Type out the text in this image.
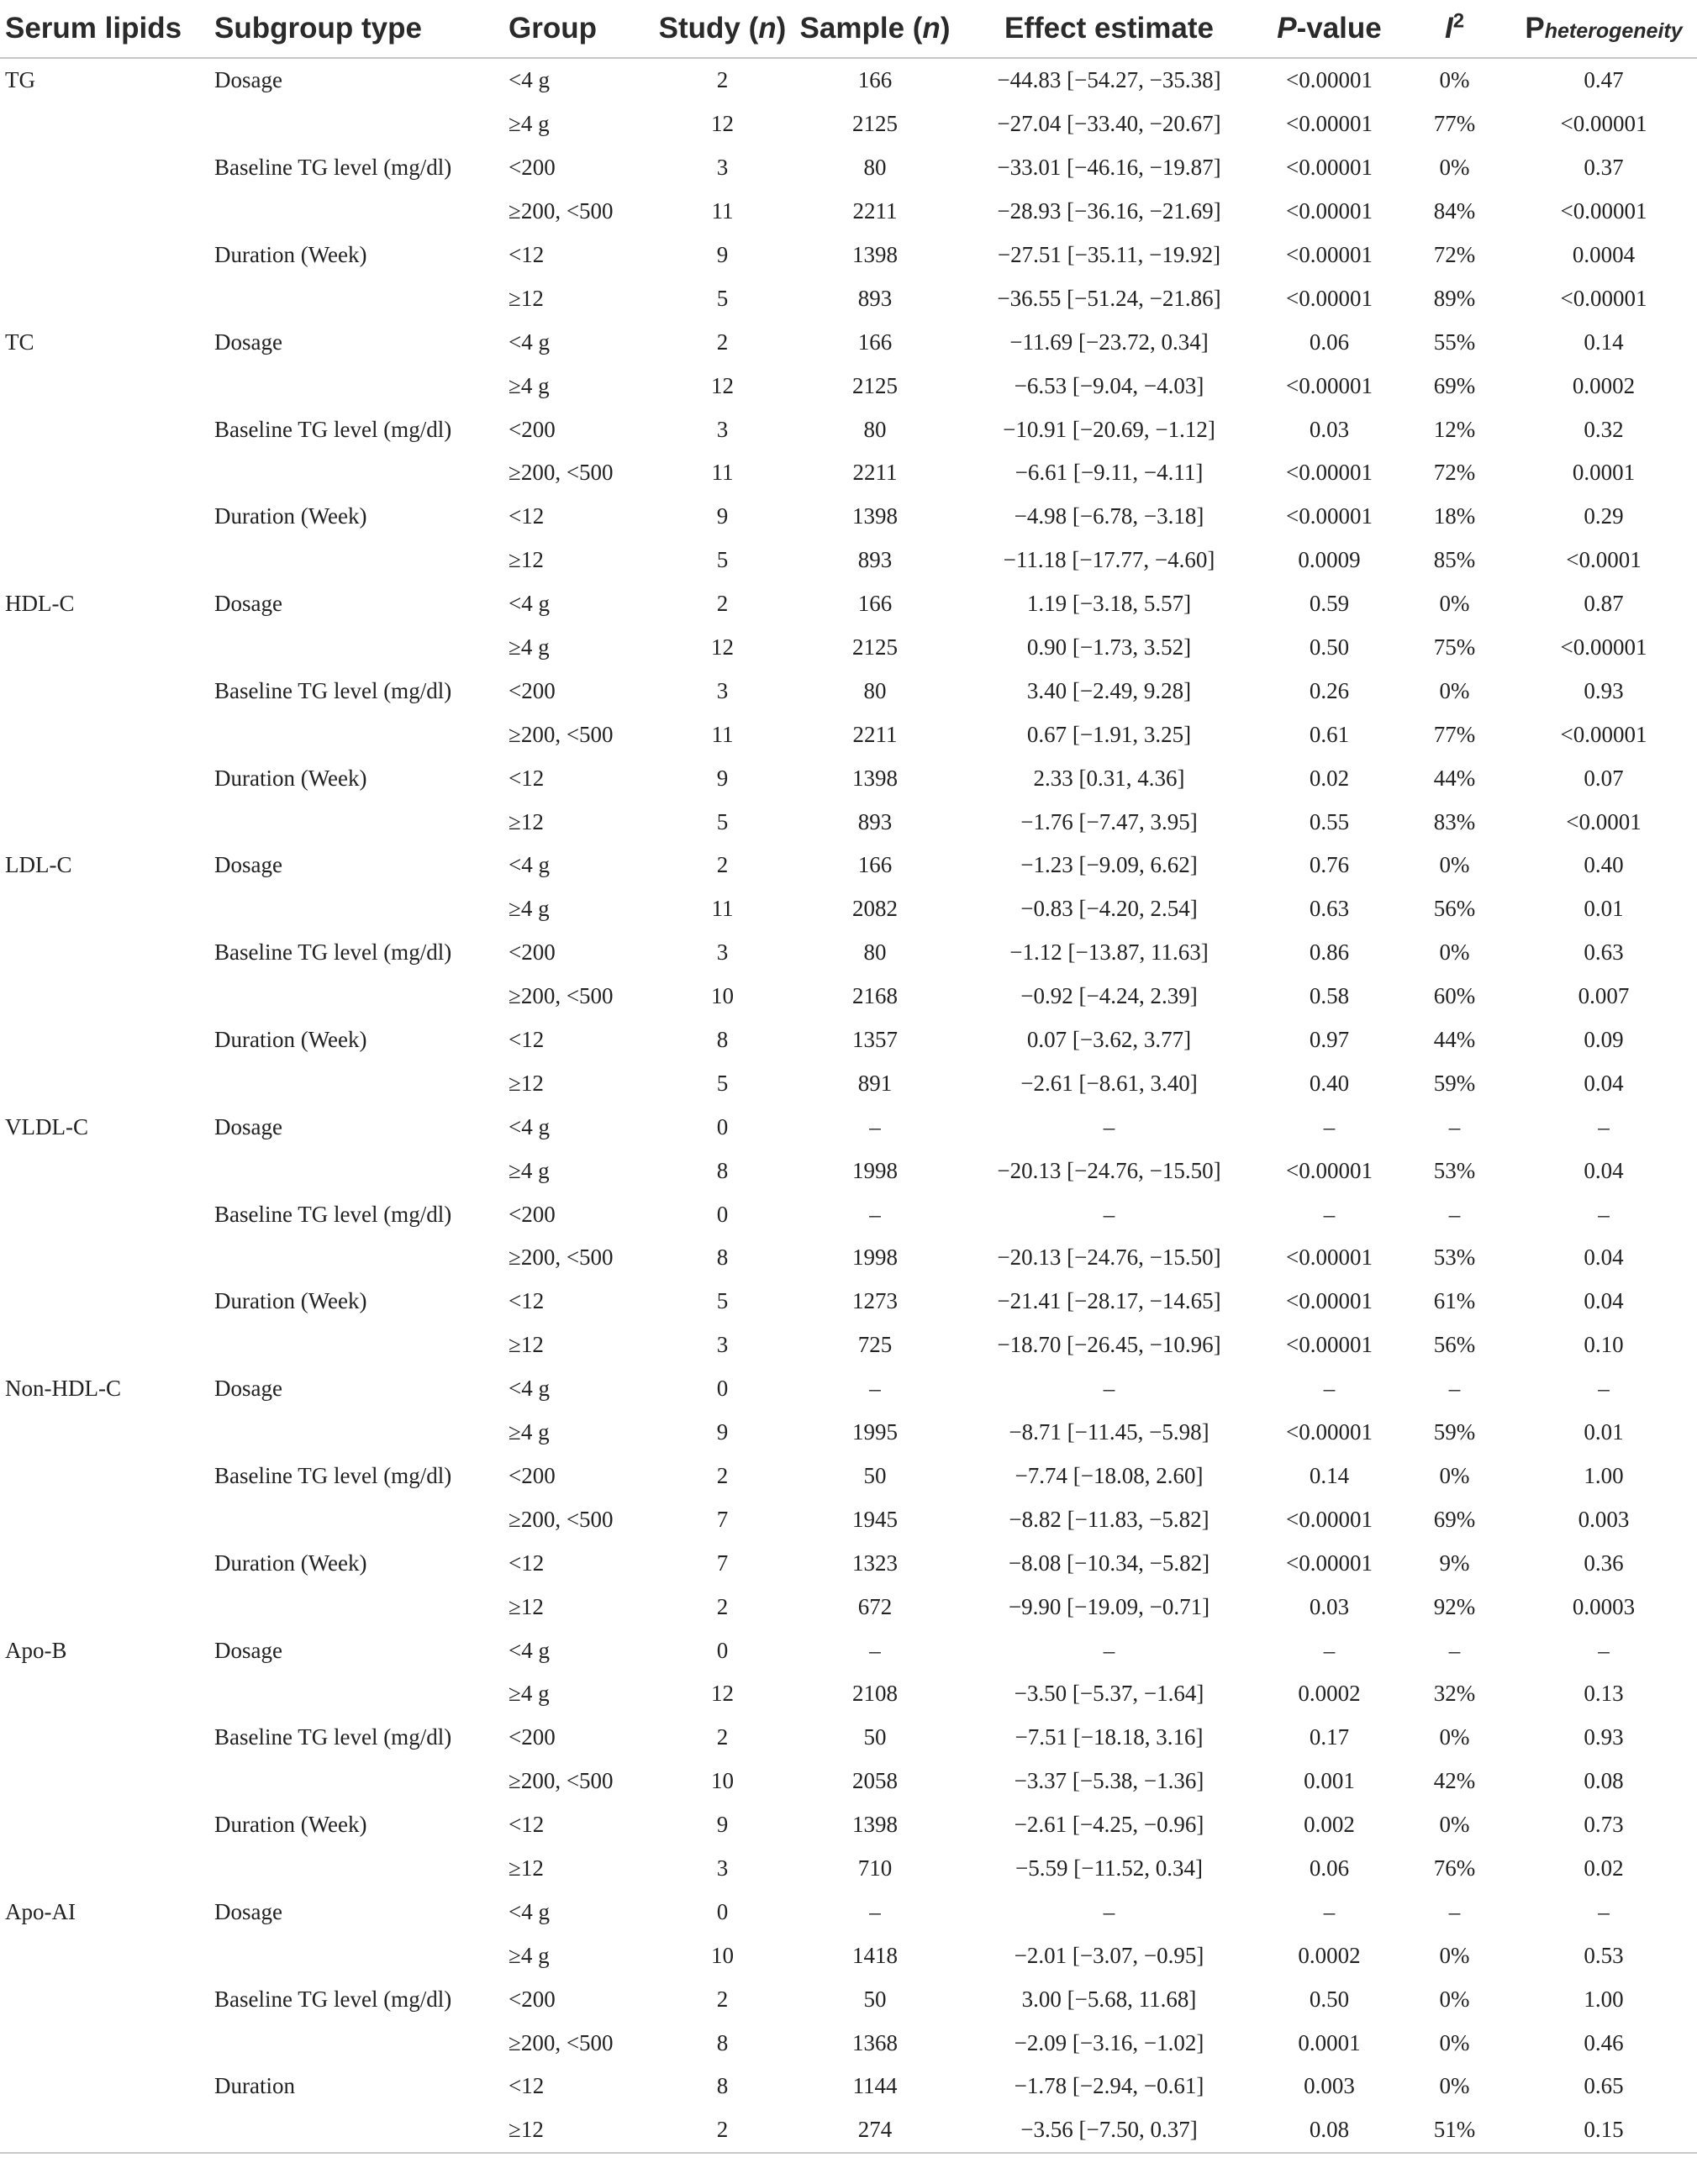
Serum lipids	Subgroup type	Group	Study (n)	Sample (n)	Effect estimate	P-value	$I^2$	Pheterogeneity
TG	Dosage	<4 g	2	166	−44.83 [−54.27, −35.38]	<0.00001	0%	0.47
		≥4 g	12	2125	−27.04 [−33.40, −20.67]	<0.00001	77%	<0.00001
	Baseline TG level (mg/dl)	<200	3	80	−33.01 [−46.16, −19.87]	<0.00001	0%	0.37
		≥200, <500	11	2211	−28.93 [−36.16, −21.69]	<0.00001	84%	<0.00001
	Duration (Week)	<12	9	1398	−27.51 [−35.11, −19.92]	<0.00001	72%	0.0004
		≥12	5	893	−36.55 [−51.24, −21.86]	<0.00001	89%	<0.00001
TC	Dosage	<4 g	2	166	−11.69 [−23.72, 0.34]	0.06	55%	0.14
		≥4 g	12	2125	−6.53 [−9.04, −4.03]	<0.00001	69%	0.0002
	Baseline TG level (mg/dl)	<200	3	80	−10.91 [−20.69, −1.12]	0.03	12%	0.32
		≥200, <500	11	2211	−6.61 [−9.11, −4.11]	<0.00001	72%	0.0001
	Duration (Week)	<12	9	1398	−4.98 [−6.78, −3.18]	<0.00001	18%	0.29
		≥12	5	893	−11.18 [−17.77, −4.60]	0.0009	85%	<0.0001
HDL-C	Dosage	<4 g	2	166	1.19 [−3.18, 5.57]	0.59	0%	0.87
		≥4 g	12	2125	0.90 [−1.73, 3.52]	0.50	75%	<0.00001
	Baseline TG level (mg/dl)	<200	3	80	3.40 [−2.49, 9.28]	0.26	0%	0.93
		≥200, <500	11	2211	0.67 [−1.91, 3.25]	0.61	77%	<0.00001
	Duration (Week)	<12	9	1398	2.33 [0.31, 4.36]	0.02	44%	0.07
		≥12	5	893	−1.76 [−7.47, 3.95]	0.55	83%	<0.0001
LDL-C	Dosage	<4 g	2	166	−1.23 [−9.09, 6.62]	0.76	0%	0.40
		≥4 g	11	2082	−0.83 [−4.20, 2.54]	0.63	56%	0.01
	Baseline TG level (mg/dl)	<200	3	80	−1.12 [−13.87, 11.63]	0.86	0%	0.63
		≥200, <500	10	2168	−0.92 [−4.24, 2.39]	0.58	60%	0.007
	Duration (Week)	<12	8	1357	0.07 [−3.62, 3.77]	0.97	44%	0.09
		≥12	5	891	−2.61 [−8.61, 3.40]	0.40	59%	0.04
VLDL-C	Dosage	<4 g	0	–	–	–	–	–
		≥4 g	8	1998	−20.13 [−24.76, −15.50]	<0.00001	53%	0.04
	Baseline TG level (mg/dl)	<200	0	–	–	–	–	–
		≥200, <500	8	1998	−20.13 [−24.76, −15.50]	<0.00001	53%	0.04
	Duration (Week)	<12	5	1273	−21.41 [−28.17, −14.65]	<0.00001	61%	0.04
		≥12	3	725	−18.70 [−26.45, −10.96]	<0.00001	56%	0.10
Non-HDL-C	Dosage	<4 g	0	–	–	–	–	–
		≥4 g	9	1995	−8.71 [−11.45, −5.98]	<0.00001	59%	0.01
	Baseline TG level (mg/dl)	<200	2	50	−7.74 [−18.08, 2.60]	0.14	0%	1.00
		≥200, <500	7	1945	−8.82 [−11.83, −5.82]	<0.00001	69%	0.003
	Duration (Week)	<12	7	1323	−8.08 [−10.34, −5.82]	<0.00001	9%	0.36
		≥12	2	672	−9.90 [−19.09, −0.71]	0.03	92%	0.0003
Apo-B	Dosage	<4 g	0	–	–	–	–	–
		≥4 g	12	2108	−3.50 [−5.37, −1.64]	0.0002	32%	0.13
	Baseline TG level (mg/dl)	<200	2	50	−7.51 [−18.18, 3.16]	0.17	0%	0.93
		≥200, <500	10	2058	−3.37 [−5.38, −1.36]	0.001	42%	0.08
	Duration (Week)	<12	9	1398	−2.61 [−4.25, −0.96]	0.002	0%	0.73
		≥12	3	710	−5.59 [−11.52, 0.34]	0.06	76%	0.02
Apo-AI	Dosage	<4 g	0	–	–	–	–	–
		≥4 g	10	1418	−2.01 [−3.07, −0.95]	0.0002	0%	0.53
	Baseline TG level (mg/dl)	<200	2	50	3.00 [−5.68, 11.68]	0.50	0%	1.00
		≥200, <500	8	1368	−2.09 [−3.16, −1.02]	0.0001	0%	0.46
	Duration	<12	8	1144	−1.78 [−2.94, −0.61]	0.003	0%	0.65
		≥12	2	274	−3.56 [−7.50, 0.37]	0.08	51%	0.15
